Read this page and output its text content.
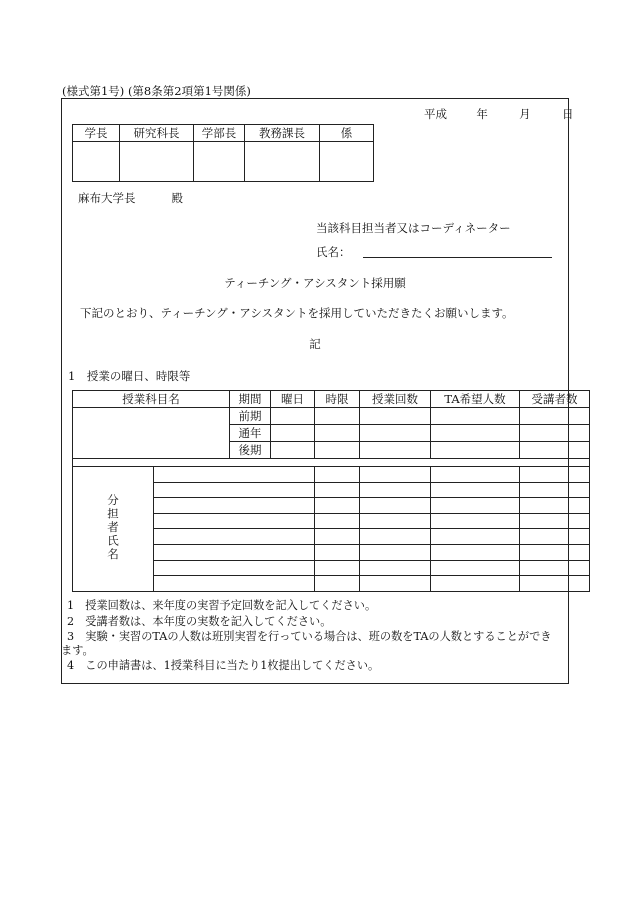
(様式第1号) (第8条第2項第1号関係)
平成	年	月	日
学長	研究科長	学部長	教務課長	係

麻布大学長	殿
当該科目担当者又はコーディネーター
氏名：
ティーチング・アシスタント採用願
下記のとおり、ティーチング・アシスタントを採用していただきたくお願いします。
記
1　授業の曜日、時限等
授業科目名		期間	曜日	時限	授業回数	TA希望人数	受講者数
		前期					
		通年					
		後期					

分担者氏名							

1　授業回数は、来年度の実習予定回数を記入してください。
2　受講者数は、本年度の実数を記入してください。
3　実験・実習のTAの人数は班別実習を行っている場合は、班の数をTAの人数とすることができ
ます。
4　この申請書は、1授業科目に当たり1枚提出してください。
